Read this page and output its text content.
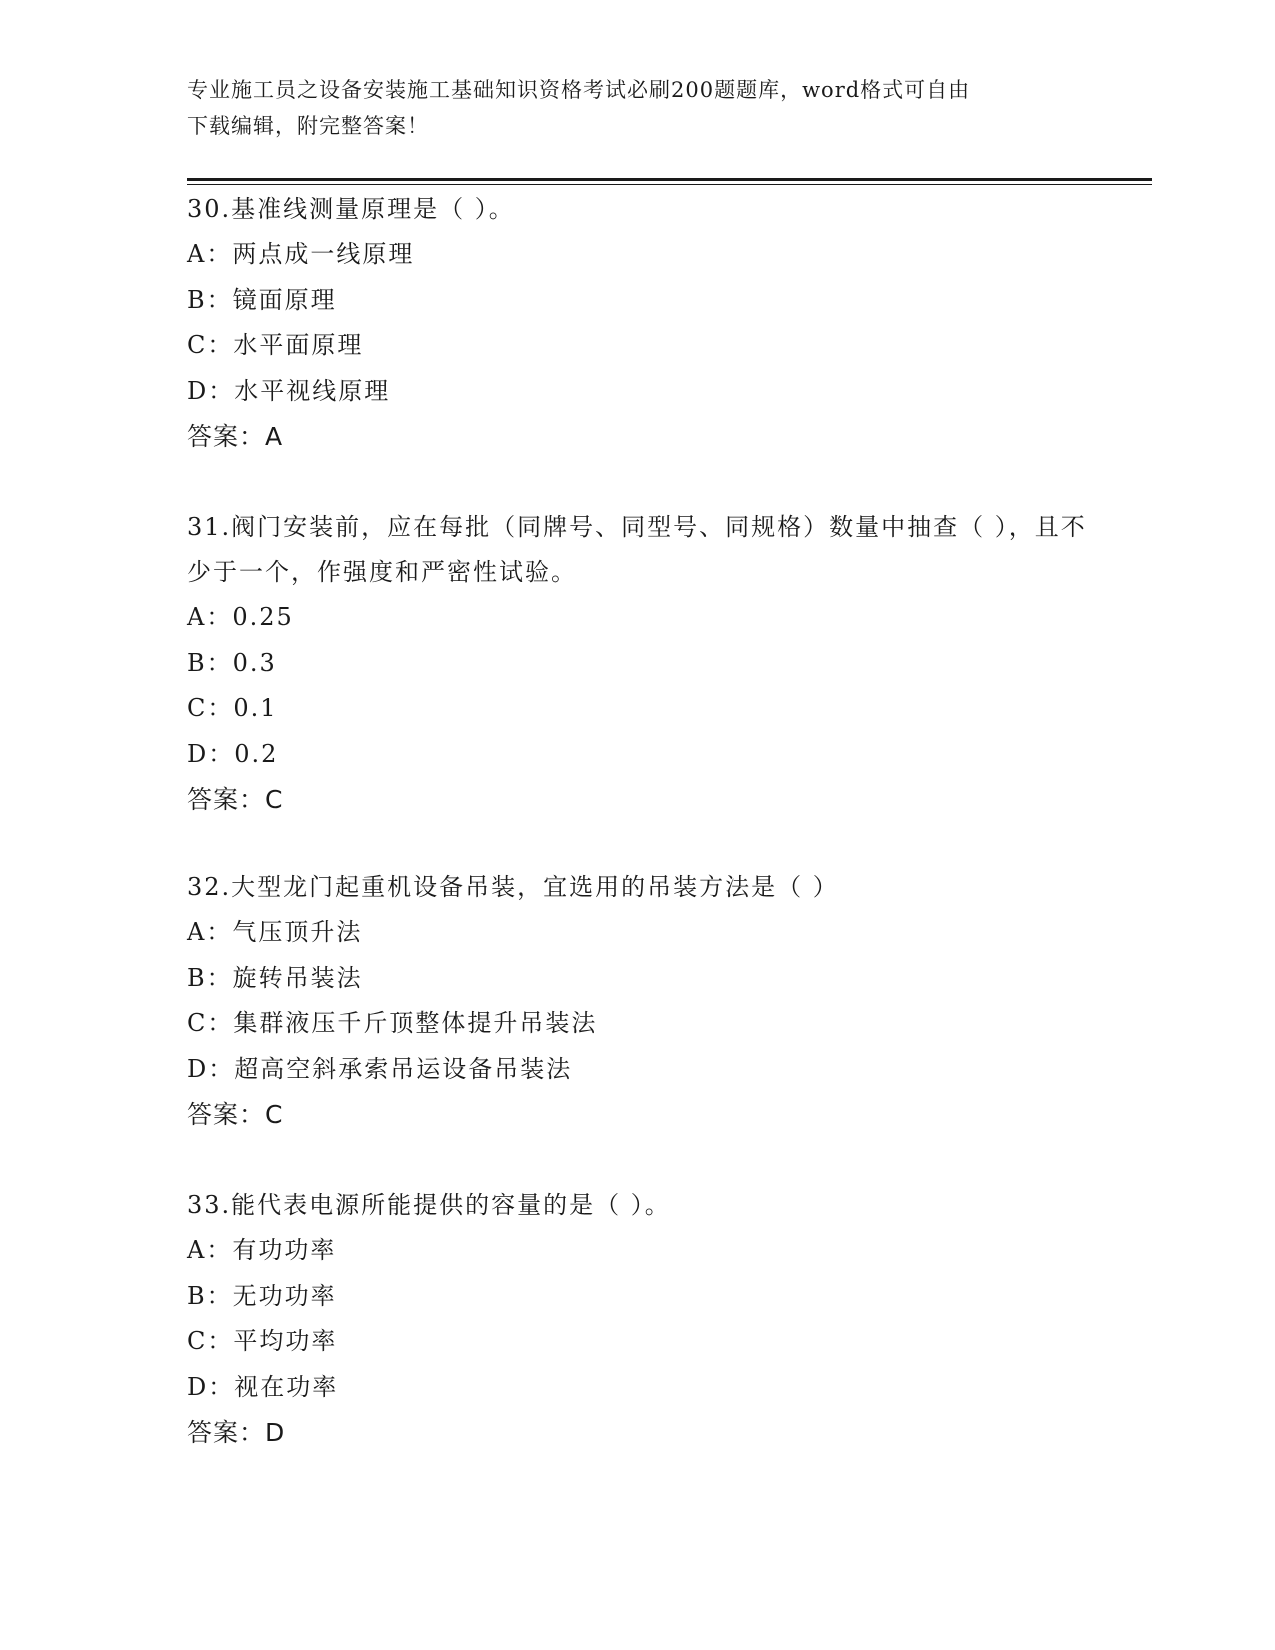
专业施工员之设备安装施工基础知识资格考试必刷200题题库，word格式可自由
下载编辑，附完整答案！

30.基准线测量原理是（ ）。

A：两点成一线原理

B：镜面原理

C：水平面原理

D：水平视线原理

答案：A

31.阀门安装前，应在每批（同牌号、同型号、同规格）数量中抽查（ ），且不少于一个，作强度和严密性试验。

A：0.25

B：0.3

C：0.1

D：0.2

答案：C

32.大型龙门起重机设备吊装，宜选用的吊装方法是（ ）

A：气压顶升法

B：旋转吊装法

C：集群液压千斤顶整体提升吊装法

D：超高空斜承索吊运设备吊装法

答案：C

33.能代表电源所能提供的容量的是（ ）。

A：有功功率

B：无功功率

C：平均功率

D：视在功率

答案：D
